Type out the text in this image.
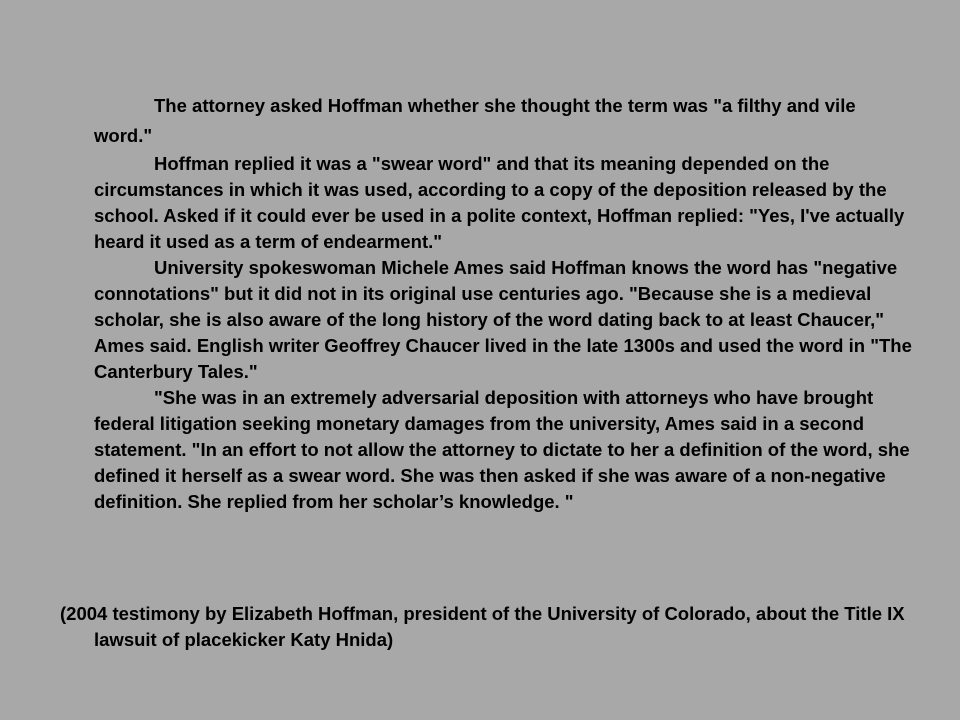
The attorney asked Hoffman whether she thought the term was "a filthy and vile word."

Hoffman replied it was a "swear word" and that its meaning depended on the circumstances in which it was used, according to a copy of the deposition released by the school. Asked if it could ever be used in a polite context, Hoffman replied: "Yes, I've actually heard it used as a term of endearment."

University spokeswoman Michele Ames said Hoffman knows the word has "negative connotations" but it did not in its original use centuries ago. "Because she is a medieval scholar, she is also aware of the long history of the word dating back to at least Chaucer," Ames said. English writer Geoffrey Chaucer lived in the late 1300s and used the word in "The Canterbury Tales."

"She was in an extremely adversarial deposition with attorneys who have brought federal litigation seeking monetary damages from the university, Ames said in a second statement. "In an effort to not allow the attorney to dictate to her a definition of the word, she defined it herself as a swear word. She was then asked if she was aware of a non-negative definition. She replied from her scholar’s knowledge. "

(2004 testimony by Elizabeth Hoffman, president of the University of Colorado, about the Title IX lawsuit of placekicker Katy Hnida)
